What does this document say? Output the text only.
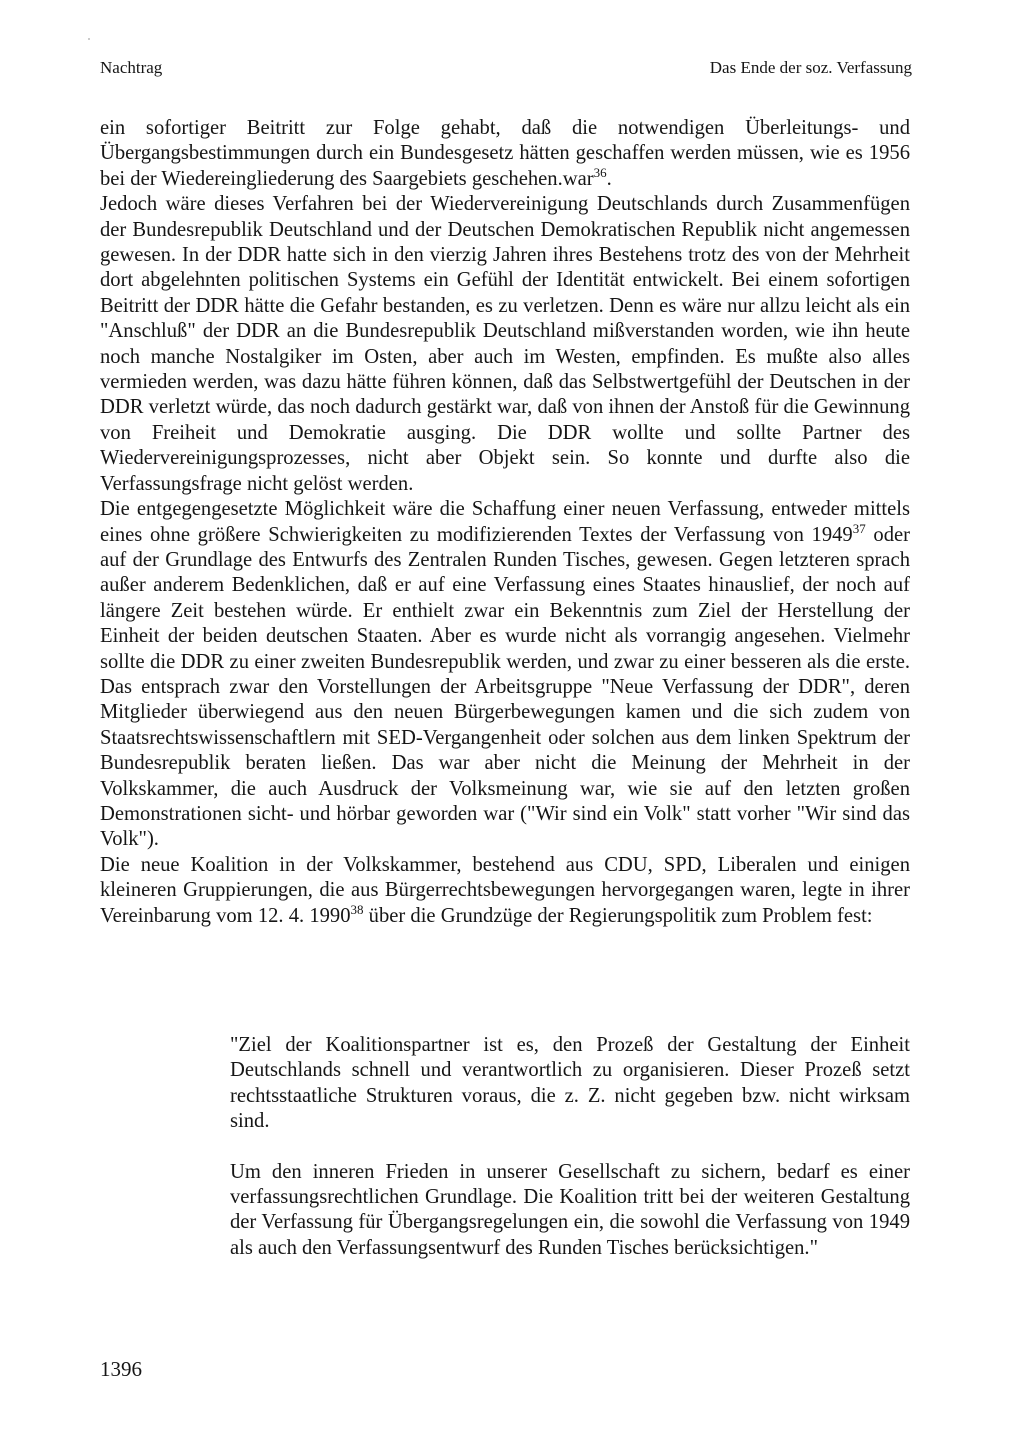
Nachtrag	Das Ende der soz. Verfassung

ein sofortiger Beitritt zur Folge gehabt, daß die notwendigen Überleitungs- und Übergangsbestimmungen durch ein Bundesgesetz hätten geschaffen werden müssen, wie es 1956 bei der Wiedereingliederung des Saargebiets geschehen.war$^{36}$.

Jedoch wäre dieses Verfahren bei der Wiedervereinigung Deutschlands durch Zusammenfügen der Bundesrepublik Deutschland und der Deutschen Demokratischen Republik nicht angemessen gewesen. In der DDR hatte sich in den vierzig Jahren ihres Bestehens trotz des von der Mehrheit dort abgelehnten politischen Systems ein Gefühl der Identität entwickelt. Bei einem sofortigen Beitritt der DDR hätte die Gefahr bestanden, es zu verletzen. Denn es wäre nur allzu leicht als ein "Anschluß" der DDR an die Bundesrepublik Deutschland mißverstanden worden, wie ihn heute noch manche Nostalgiker im Osten, aber auch im Westen, empfinden. Es mußte also alles vermieden werden, was dazu hätte führen können, daß das Selbstwertgefühl der Deutschen in der DDR verletzt würde, das noch dadurch gestärkt war, daß von ihnen der Anstoß für die Gewinnung von Freiheit und Demokratie ausging. Die DDR wollte und sollte Partner des Wiedervereinigungsprozesses, nicht aber Objekt sein. So konnte und durfte also die Verfassungsfrage nicht gelöst werden.

Die entgegengesetzte Möglichkeit wäre die Schaffung einer neuen Verfassung, entweder mittels eines ohne größere Schwierigkeiten zu modifizierenden Textes der Verfassung von 1949$^{37}$ oder auf der Grundlage des Entwurfs des Zentralen Runden Tisches, gewesen. Gegen letzteren sprach außer anderem Bedenklichen, daß er auf eine Verfassung eines Staates hinauslief, der noch auf längere Zeit bestehen würde. Er enthielt zwar ein Bekenntnis zum Ziel der Herstellung der Einheit der beiden deutschen Staaten. Aber es wurde nicht als vorrangig angesehen. Vielmehr sollte die DDR zu einer zweiten Bundesrepublik werden, und zwar zu einer besseren als die erste. Das entsprach zwar den Vorstellungen der Arbeitsgruppe "Neue Verfassung der DDR", deren Mitglieder überwiegend aus den neuen Bürgerbewegungen kamen und die sich zudem von Staatsrechtswissenschaftlern mit SED-Vergangenheit oder solchen aus dem linken Spektrum der Bundesrepublik beraten ließen. Das war aber nicht die Meinung der Mehrheit in der Volkskammer, die auch Ausdruck der Volksmeinung war, wie sie auf den letzten großen Demonstrationen sicht- und hörbar geworden war ("Wir sind ein Volk" statt vorher "Wir sind das Volk").

Die neue Koalition in der Volkskammer, bestehend aus CDU, SPD, Liberalen und einigen kleineren Gruppierungen, die aus Bürgerrechtsbewegungen hervorgegangen waren, legte in ihrer Vereinbarung vom 12. 4. 1990$^{38}$ über die Grundzüge der Regierungspolitik zum Problem fest:

"Ziel der Koalitionspartner ist es, den Prozeß der Gestaltung der Einheit Deutschlands schnell und verantwortlich zu organisieren. Dieser Prozeß setzt rechtsstaatliche Strukturen voraus, die z. Z. nicht gegeben bzw. nicht wirksam sind.

Um den inneren Frieden in unserer Gesellschaft zu sichern, bedarf es einer verfassungsrechtlichen Grundlage. Die Koalition tritt bei der weiteren Gestaltung der Verfassung für Übergangsregelungen ein, die sowohl die Verfassung von 1949 als auch den Verfassungsentwurf des Runden Tisches berücksichtigen."

1396
